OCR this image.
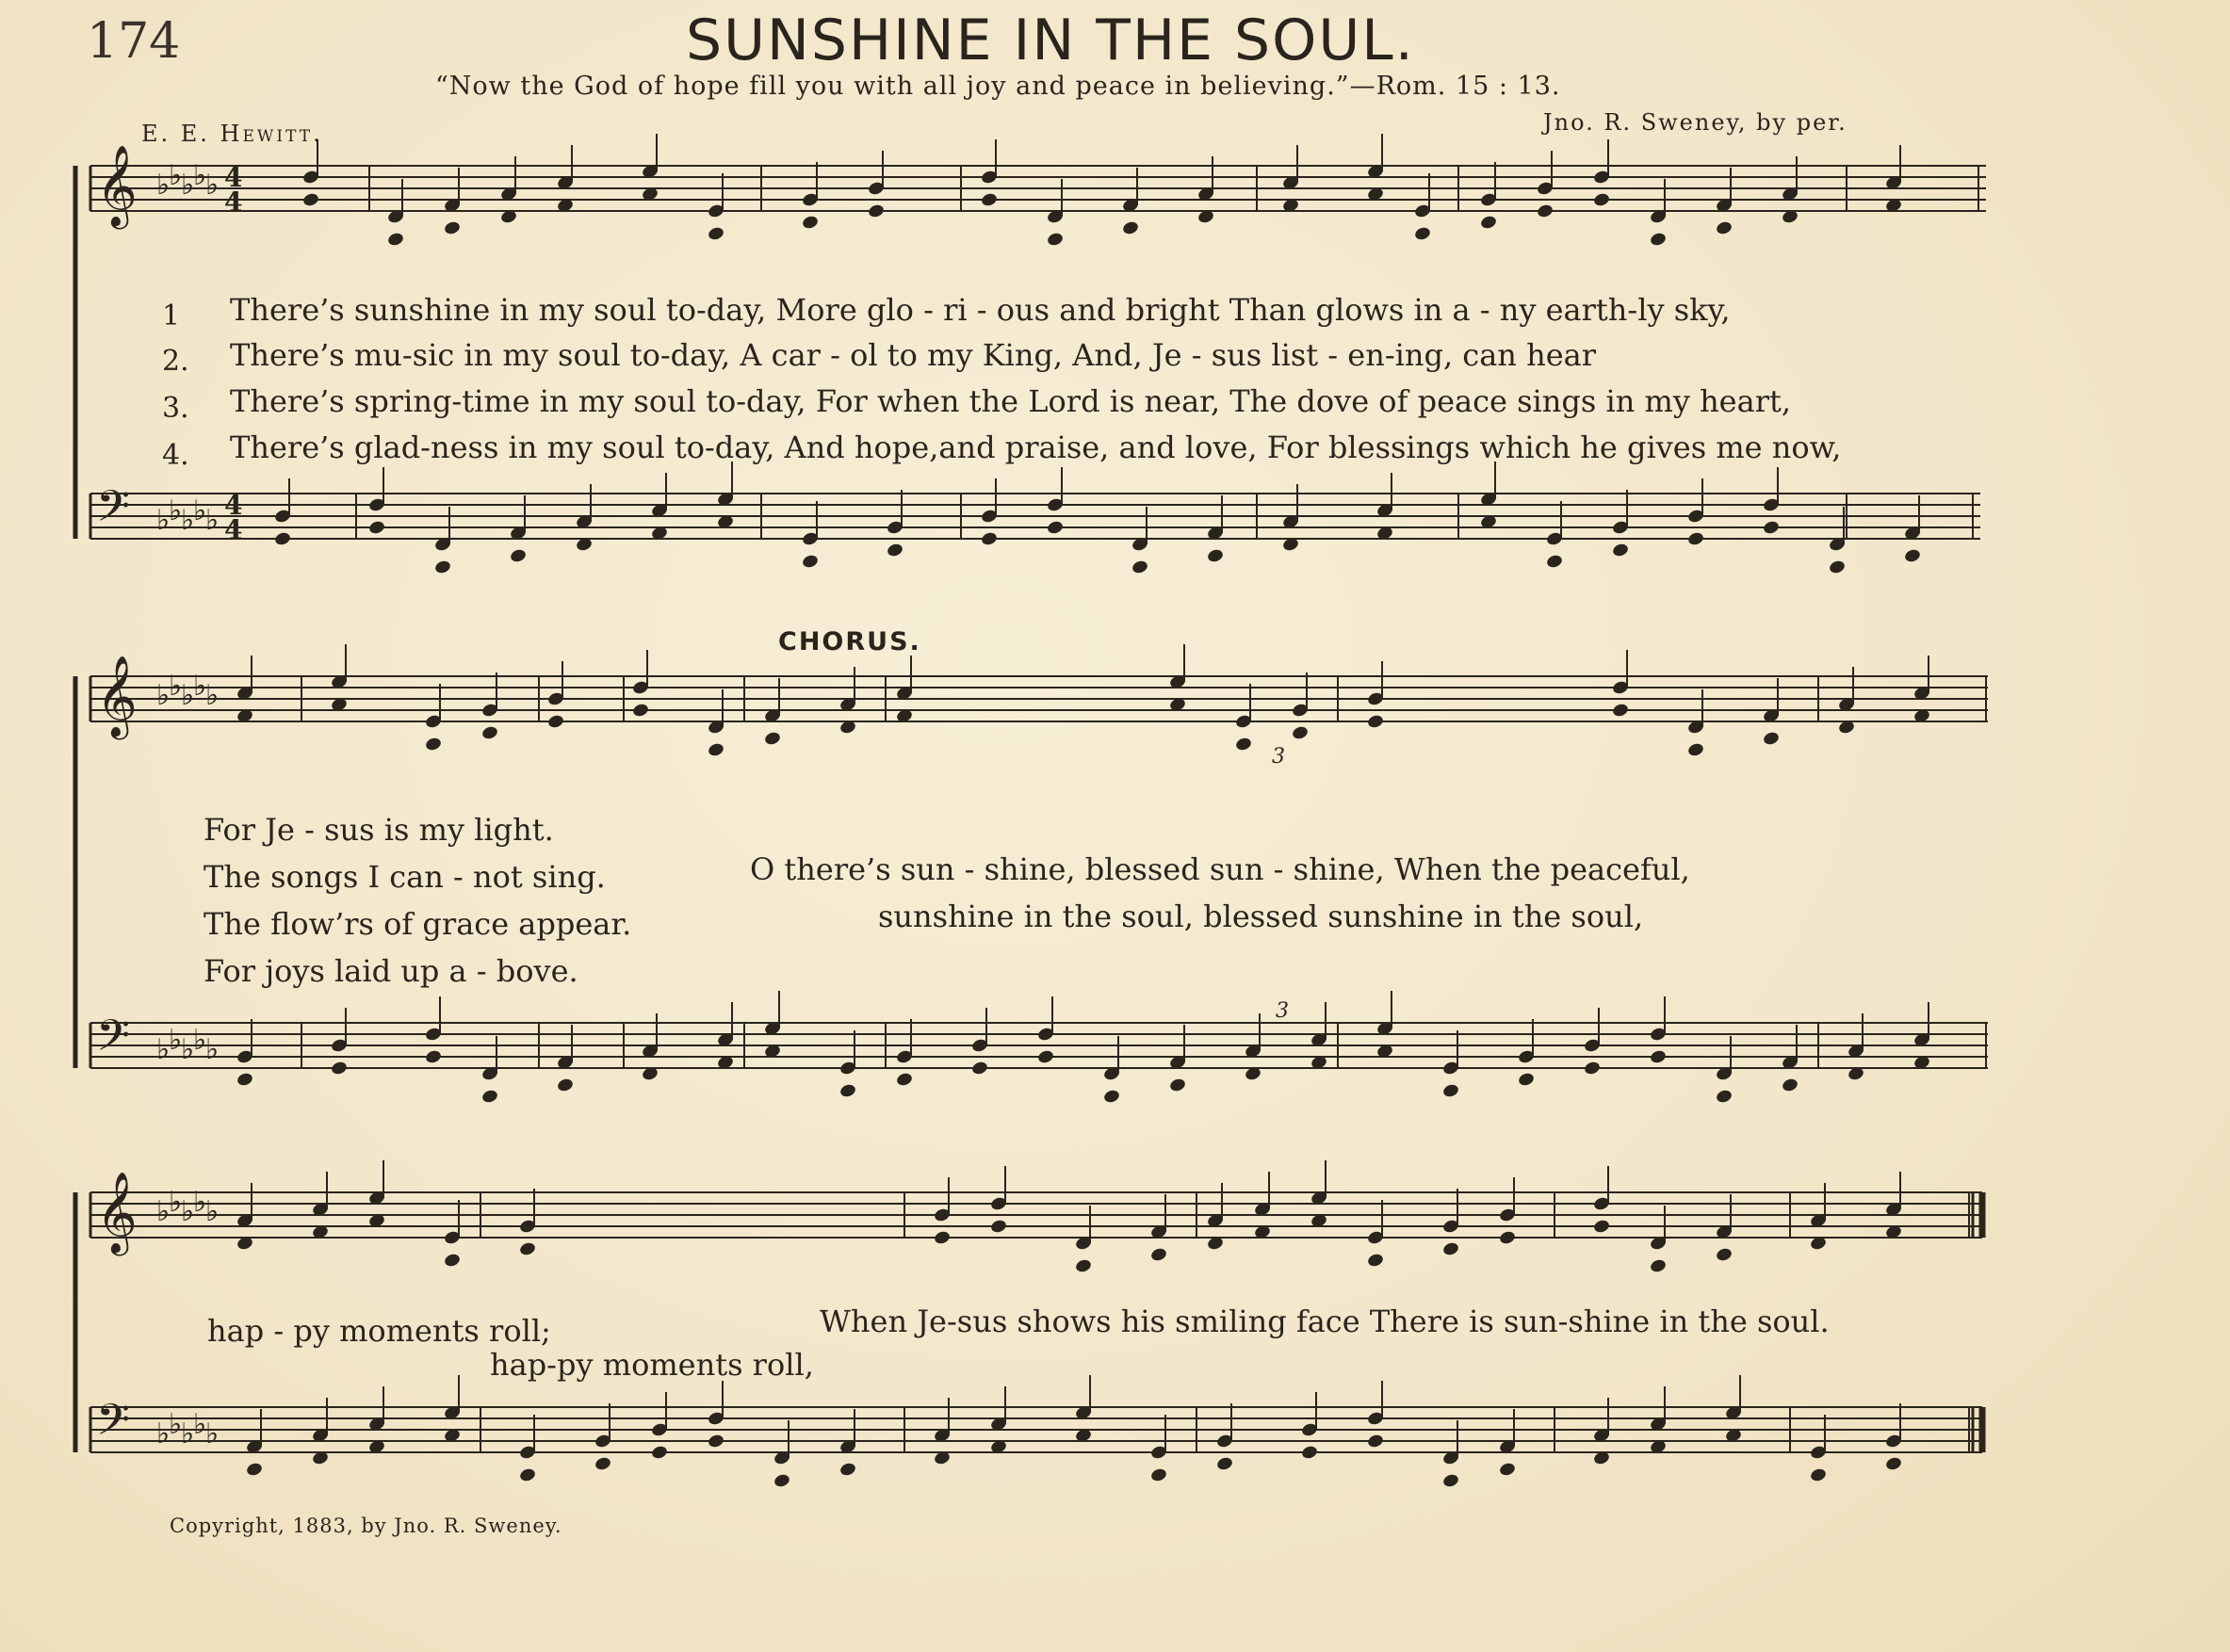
174	SUNSHINE IN THE SOUL.
“Now the God of hope fill you with all joy and peace in believing.”—Rom. 15 : 13.
E. E. Hewitt.	Jno. R. Sweney, by per.
𝄞 ♭
♭
♭
♭
♭
𝄢 ♭
♭
♭
♭
♭
𝄞 ♭
♭
♭
♭
♭
𝄢 ♭
♭
♭
♭
♭
𝄞 ♭
♭
♭
♭
♭
𝄢 ♭
♭
♭
♭
♭
4
4
4
4
3
3
1 There’s sunshine in my soul to-day, More glo - ri - ous and bright Than glows in a - ny earth-ly sky,
2. There’s mu-sic in my soul to-day, A car - ol to my King, And, Je - sus list - en-ing, can hear
3. There’s spring-time in my soul to-day, For when the Lord is near, The dove of peace sings in my heart,
4. There’s glad-ness in my soul to-day, And hope,and praise, and love, For blessings which he gives me now,
CHORUS.
For Je - sus is my light.
The songs I can - not sing.
The flow’rs of grace appear.
For joys laid up a - bove.
O there’s sun - shine, blessed sun - shine, When the peaceful,
sunshine in the soul, blessed sunshine in the soul,
hap - py moments roll;	When Je-sus shows his smiling face There is sun-shine in the soul.
hap-py moments roll,
Copyright, 1883, by Jno. R. Sweney.
